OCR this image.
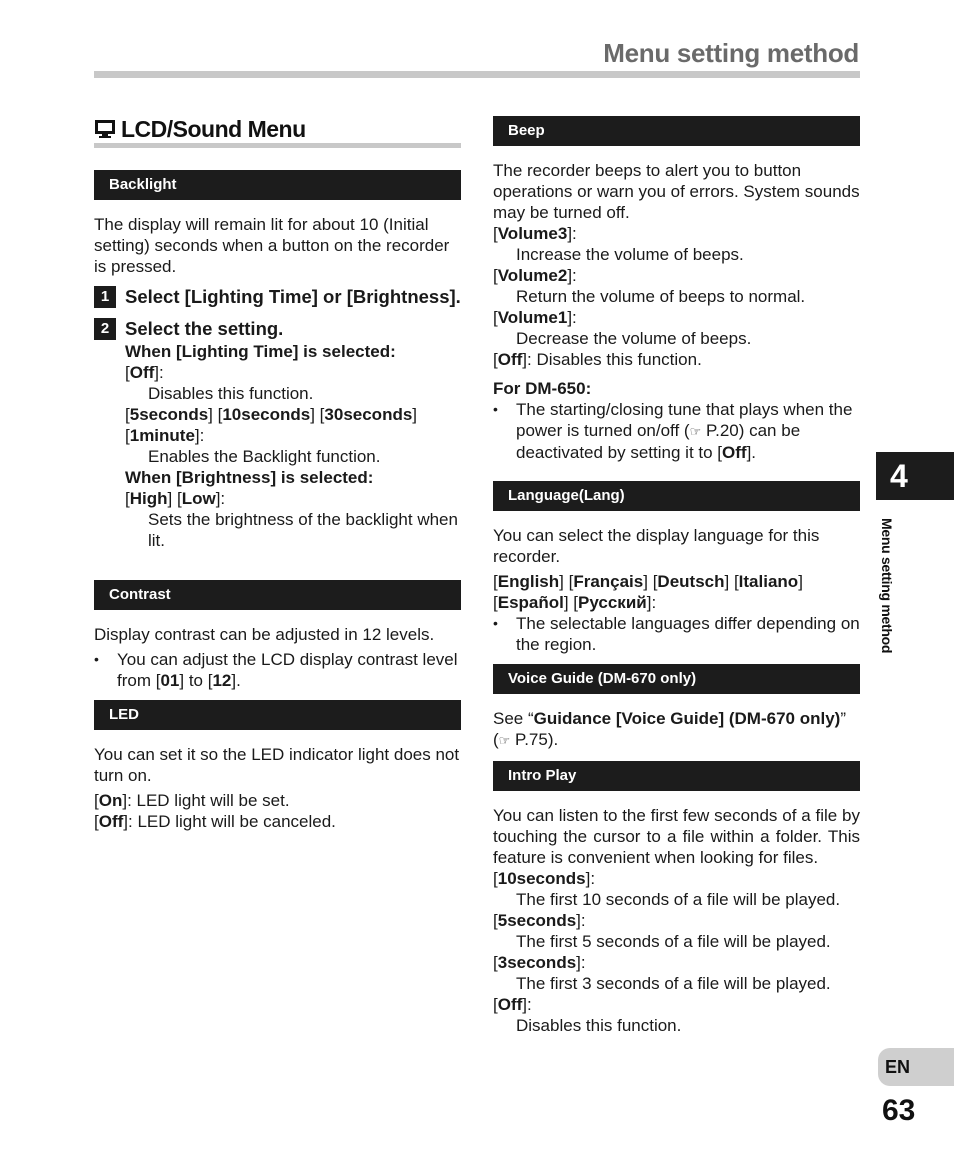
Menu setting method
LCD/Sound Menu
Backlight

The display will remain lit for about 10 (Initial setting) seconds when a button on the recorder is pressed.

1 Select [Lighting Time] or [Brightness].
2 Select the setting.

When [Lighting Time] is selected:

[Off]:

Disables this function.

[5seconds] [10seconds] [30seconds]

[1minute]:

Enables the Backlight function.

When [Brightness] is selected:

[High] [Low]:

Sets the brightness of the backlight when lit.

Contrast

Display contrast can be adjusted in 12 levels.

• You can adjust the LCD display contrast level from [01] to [12].

LED

You can set it so the LED indicator light does not turn on.

[On]: LED light will be set.

[Off]: LED light will be canceled.

Beep

The recorder beeps to alert you to button operations or warn you of errors. System sounds may be turned off.

[Volume3]:

Increase the volume of beeps.

[Volume2]:

Return the volume of beeps to normal.

[Volume1]:

Decrease the volume of beeps.

[Off]: Disables this function.

For DM-650:

• The starting/closing tune that plays when the power is turned on/off (☞ P.20) can be deactivated by setting it to [Off].

Language(Lang)

You can select the display language for this recorder.

[English] [Français] [Deutsch] [Italiano]

[Español] [Русский]:

• The selectable languages differ depending on the region.

Voice Guide (DM-670 only)

See “Guidance [Voice Guide] (DM-670 only)” (☞ P.75).

Intro Play

You can listen to the first few seconds of a file by touching the cursor to a file within a folder. This feature is convenient when looking for files.

[10seconds]:

The first 10 seconds of a file will be played.

[5seconds]:

The first 5 seconds of a file will be played.

[3seconds]:

The first 3 seconds of a file will be played.

[Off]:

Disables this function.

4
Menu setting method
EN
63
